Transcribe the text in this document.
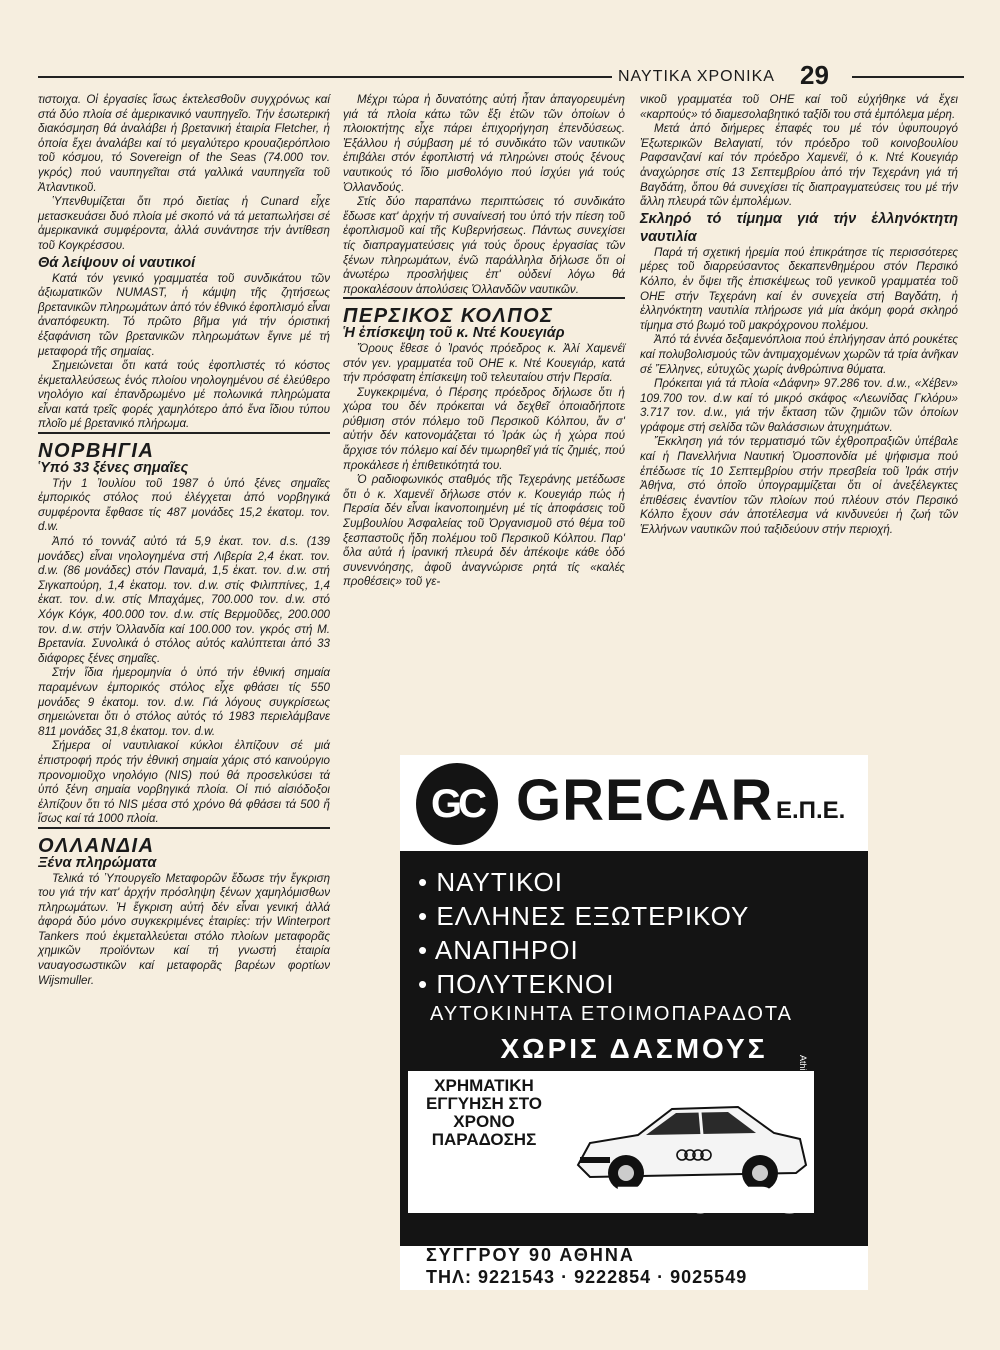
ΝΑΥΤΙΚΑ ΧΡΟΝΙΚΑ 29

τιστοιχα. Οἱ ἐργασίες ἴσως ἐκτελεσθοῦν συγχρόνως καί στά δύο πλοία σέ ἀμερικανικό ναυπηγεῖο. Τήν ἐσωτερική διακόσμηση θά ἀναλάβει ἡ βρετανική ἑταιρία Fletcher, ἡ ὁποία ἔχει ἀναλάβει καί τό μεγαλύτερο κρουαζιερόπλοιο τοῦ κόσμου, τό Sovereign of the Seas (74.000 τον. γκρός) πού ναυπηγεῖται στά γαλλικά ναυπηγεῖα τοῦ Ἀτλαντικοῦ.

Ὑπενθυμίζεται ὅτι πρό διετίας ἡ Cunard εἶχε μετασκευάσει δυό πλοία μέ σκοπό νά τά μεταπωλήσει σέ ἀμερικανικά συμφέροντα, ἀλλά συνάντησε τήν ἀντίθεση τοῦ Κογκρέσσου.

Θά λείψουν οἱ ναυτικοί

Κατά τόν γενικό γραμματέα τοῦ συνδικάτου τῶν ἀξιωματικῶν NUMAST, ἡ κάμψη τῆς ζητήσεως βρετανικῶν πληρωμάτων ἀπό τόν ἐθνικό ἐφοπλισμό εἶναι ἀναπόφευκτη. Τό πρῶτο βῆμα γιά τήν όριστική ἐξαφάνιση τῶν βρετανικῶν πληρωμάτων ἔγινε μέ τή μεταφορά τῆς σημαίας.

Σημειώνεται ὅτι κατά τούς ἐφοπλιστές τό κόστος ἐκμεταλλεύσεως ἑνός πλοίου νηολογημένου σέ ἐλεύθερο νηολόγιο καί ἐπανδρωμένο μέ πολωνικά πληρώματα εἶναι κατά τρεῖς φορές χαμηλότερο ἀπό ἕνα ἴδιου τύπου πλοῖο μέ βρετανικό πλήρωμα.

ΝΟΡΒΗΓΙΑ

Ὑπό 33 ξένες σημαῖες

Τήν 1 Ἰουλίου τοῦ 1987 ὁ ὑπό ξένες σημαῖες ἐμπορικός στόλος πού ἐλέγχεται ἀπό νορβηγικά συμφέροντα ἔφθασε τίς 487 μονάδες 15,2 ἑκατομ. τον. d.w.

Ἀπό τό τοννάζ αὐτό τά 5,9 ἑκατ. τον. d.s. (139 μονάδες) εἶναι νηολογημένα στή Λιβερία 2,4 ἑκατ. τον. d.w. (86 μονάδες) στόν Παναμά, 1,5 ἑκατ. τον. d.w. στή Σιγκαπούρη, 1,4 ἑκατομ. τον. d.w. στίς Φιλιππίνες, 1,4 ἑκατ. τον. d.w. στίς Μπαχάμες, 700.000 τον. d.w. στό Χόγκ Κόγκ, 400.000 τον. d.w. στίς Βερμοῦδες, 200.000 τον. d.w. στήν Ὁλλανδία καί 100.000 τον. γκρός στή Μ. Βρετανία. Συνολικά ὁ στόλος αὐτός καλύπτεται ἀπό 33 διάφορες ξένες σημαῖες.

Στήν ἴδια ἡμερομηνία ὁ ὑπό τήν ἐθνική σημαία παραμένων ἐμπορικός στόλος εἶχε φθάσει τίς 550 μονάδες 9 ἑκατομ. τον. d.w. Γιά λόγους συγκρίσεως σημειώνεται ὅτι ὁ στόλος αὐτός τό 1983 περιελάμβανε 811 μονάδες 31,8 ἑκατομ. τον. d.w.

Σήμερα οἱ ναυτιλιακοί κύκλοι ἐλπίζουν σέ μιά ἐπιστροφή πρός τήν ἐθνική σημαία χάρις στό καινούργιο προνομιοῦχο νηολόγιο (NIS) πού θά προσελκύσει τά ὑπό ξένη σημαία νορβηγικά πλοία. Οἱ πιό αἰσιόδοξοι ἐλπίζουν ὅτι τό NIS μέσα στό χρόνο θά φθάσει τά 500 ἤ ἴσως καί τά 1000 πλοία.

ΟΛΛΑΝΔΙΑ

Ξένα πληρώματα

Τελικά τό Ὑπουργεῖο Μεταφορῶν ἔδωσε τήν ἔγκριση του γιά τήν κατ' ἀρχήν πρόσληψη ξένων χαμηλόμισθων πληρωμάτων. Ἡ ἔγκριση αὐτή δέν εἶναι γενική ἀλλά ἀφορά δύο μόνο συγκεκριμένες ἑταιρίες: τήν Winterport Tankers πού ἐκμεταλλεύεται στόλο πλοίων μεταφορᾶς χημικῶν προϊόντων καί τή γνωστή ἑταιρία ναυαγοσωστικῶν καί μεταφορᾶς βαρέων φορτίων Wijsmuller.

Μέχρι τώρα ἡ δυνατότης αὐτή ἦταν ἀπαγορευμένη γιά τά πλοία κάτω τῶν ἕξι ἐτῶν τῶν ὁποίων ὁ πλοιοκτήτης εἶχε πάρει ἐπιχορήγηση ἐπενδύσεως. Ἐξάλλου ἡ σύμβαση μέ τό συνδικάτο τῶν ναυτικῶν ἐπιβάλει στόν ἐφοπλιστή νά πληρώνει στούς ξένους ναυτικούς τό ἴδιο μισθολόγιο πού ἰσχύει γιά τούς Ὁλλανδούς.

Στίς δύο παραπάνω περιπτώσεις τό συνδικάτο ἔδωσε κατ' ἀρχήν τή συναίνεσή του ὑπό τήν πίεση τοῦ ἐφοπλισμοῦ καί τῆς Κυβερνήσεως. Πάντως συνεχίσει τίς διαπραγματεύσεις γιά τούς ὅρους ἐργασίας τῶν ξένων πληρωμάτων, ἐνῶ παράλληλα δήλωσε ὅτι οἱ ἀνωτέρω προσλήψεις ἐπ' οὐδενί λόγω θά προκαλέσουν ἀπολύσεις Ὁλλανδῶν ναυτικῶν.

ΠΕΡΣΙΚΟΣ ΚΟΛΠΟΣ

Ἡ ἐπίσκεψη τοῦ κ. Ντέ Κουεγιάρ

Ὅρους ἔθεσε ὁ Ἰρανός πρόεδρος κ. Ἀλί Χαμενέϊ στόν γεν. γραμματέα τοῦ ΟΗΕ κ. Ντέ Κουεγιάρ, κατά τήν πρόσφατη ἐπίσκεψη τοῦ τελευταίου στήν Περσία.

Συγκεκριμένα, ὁ Πέρσης πρόεδρος δήλωσε ὅτι ἡ χώρα του δέν πρόκειται νά δεχθεῖ ὁποιαδήποτε ρύθμιση στόν πόλεμο τοῦ Περσικοῦ Κόλπου, ἄν σ' αὐτήν δέν κατονομάζεται τό Ἰράκ ὡς ἡ χώρα πού ἄρχισε τόν πόλεμο καί δέν τιμωρηθεῖ γιά τίς ζημιές, πού προκάλεσε ἡ ἐπιθετικότητά του.

Ὁ ραδιοφωνικός σταθμός τῆς Τεχεράνης μετέδωσε ὅτι ὁ κ. Χαμενέϊ δήλωσε στόν κ. Κουεγιάρ πώς ἡ Περσία δέν εἶναι ἱκανοποιημένη μέ τίς ἀποφάσεις τοῦ Συμβουλίου Ἀσφαλείας τοῦ Ὀργανισμοῦ στό θέμα τοῦ ξεσπαστοῦς ἤδη πολέμου τοῦ Περσικοῦ Κόλπου. Παρ' ὅλα αὐτά ἡ ἰρανική πλευρά δέν ἀπέκοψε κάθε ὁδό συνεννόησης, ἀφοῦ ἀναγνώρισε ρητά τίς «καλές προθέσεις» τοῦ γε-

νικοῦ γραμματέα τοῦ ΟΗΕ καί τοῦ εὐχήθηκε νά ἔχει «καρπούς» τό διαμεσολαβητικό ταξίδι του στά ἐμπόλεμα μέρη.

Μετά ἀπό διήμερες ἐπαφές του μέ τόν ὑφυπουργό Ἐξωτερικῶν Βελαγιατί, τόν πρόεδρο τοῦ κοινοβουλίου Ραφσανζανί καί τόν πρόεδρο Χαμενέϊ, ὁ κ. Ντέ Κουεγιάρ ἀναχώρησε στίς 13 Σεπτεμβρίου ἀπό τήν Τεχεράνη γιά τή Βαγδάτη, ὅπου θά συνεχίσει τίς διαπραγματεύσεις του μέ τήν ἄλλη πλευρά τῶν ἐμπολέμων.

Σκληρό τό τίμημα γιά τήν ἑλληνόκτητη ναυτιλία

Παρά τή σχετική ἠρεμία πού ἐπικράτησε τίς περισσότερες μέρες τοῦ διαρρεύσαντος δεκαπενθημέρου στόν Περσικό Κόλπο, ἐν ὄψει τῆς ἐπισκέψεως τοῦ γενικοῦ γραμματέα τοῦ ΟΗΕ στήν Τεχεράνη καί ἐν συνεχεία στή Βαγδάτη, ἡ ἑλληνόκτητη ναυτιλία πλήρωσε γιά μία ἀκόμη φορά σκληρό τίμημα στό βωμό τοῦ μακρόχρονου πολέμου.

Ἀπό τά ἐννέα δεξαμενόπλοια πού ἐπλήγησαν ἀπό ρουκέτες καί πολυβολισμούς τῶν ἀντιμαχομένων χωρῶν τά τρία ἀνῆκαν σέ Ἕλληνες, εὐτυχῶς χωρίς ἀνθρώπινα θύματα.

Πρόκειται γιά τά πλοία «Δάφνη» 97.286 τον. d.w., «Χέβεν» 109.700 τον. d.w καί τό μικρό σκάφος «Λεωνίδας Γκλόρυ» 3.717 τον. d.w., γιά τήν ἔκταση τῶν ζημιῶν τῶν ὁποίων γράφομε στή σελίδα τῶν θαλάσσιων ἀτυχημάτων.

Ἔκκληση γιά τόν τερματισμό τῶν ἐχθροπραξιῶν ὑπέβαλε καί ἡ Πανελλήνια Ναυτική Ὁμοσπονδία μέ ψήφισμα πού ἐπέδωσε τίς 10 Σεπτεμβρίου στήν πρεσβεία τοῦ Ἰράκ στήν Ἀθήνα, στό ὁποῖο ὑπογραμμίζεται ὅτι οἱ ἀνεξέλεγκτες ἐπιθέσεις ἐναντίον τῶν πλοίων πού πλέουν στόν Περσικό Κόλπο ἔχουν σάν ἀποτέλεσμα νά κινδυνεύει ἡ ζωή τῶν Ἑλλήνων ναυτικῶν πού ταξιδεύουν στήν περιοχή.

GC GRECAR Ε.Π.Ε.
• ΝΑΥΤΙΚΟΙ
• ΕΛΛΗΝΕΣ ΕΞΩΤΕΡΙΚΟΥ
• ΑΝΑΠΗΡΟΙ
• ΠΟΛΥΤΕΚΝΟΙ
ΑΥΤΟΚΙΝΗΤΑ ΕΤΟΙΜΟΠΑΡΑΔΟΤΑ
ΧΩΡΙΣ ΔΑΣΜΟΥΣ
ΧΡΗΜΑΤΙΚΗ ΕΓΓΥΗΣΗ ΣΤΟ ΧΡΟΝΟ ΠΑΡΑΔΟΣΗΣ
Athine's
TAX FREE CARS
ΣΥΓΓΡΟΥ 90 ΑΘΗΝΑ
ΤΗΛ: 9221543 · 9222854 · 9025549
